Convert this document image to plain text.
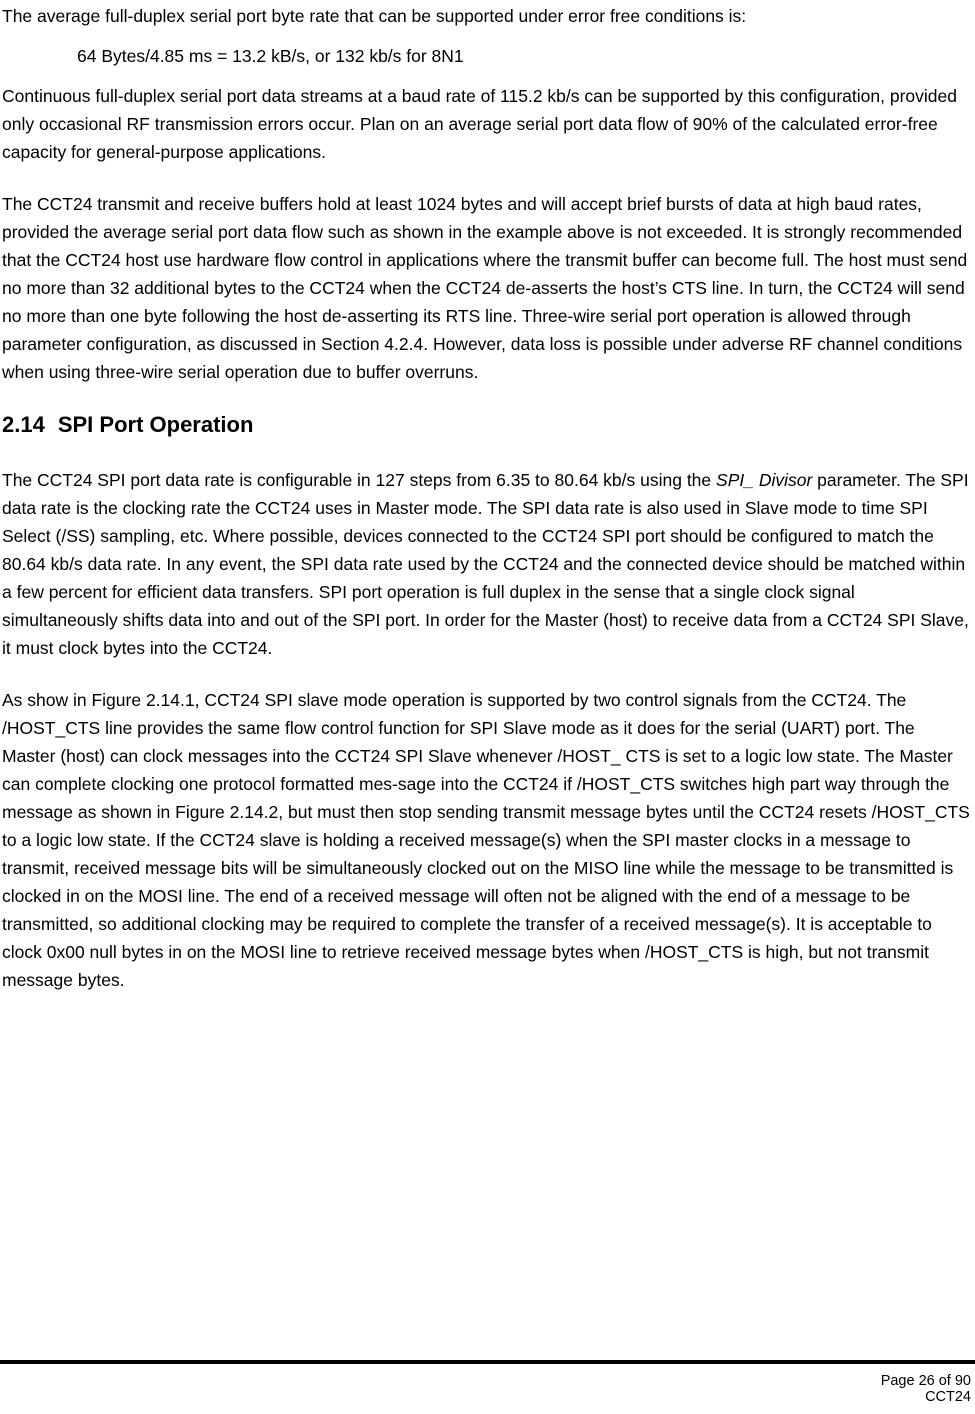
The average full-duplex serial port byte rate that can be supported under error free conditions is:

64 Bytes/4.85 ms = 13.2 kB/s, or 132 kb/s for 8N1

Continuous full-duplex serial port data streams at a baud rate of 115.2 kb/s can be supported by this configuration, provided only occasional RF transmission errors occur. Plan on an average serial port data flow of 90% of the calculated error-free capacity for general-purpose applications.

The CCT24 transmit and receive buffers hold at least 1024 bytes and will accept brief bursts of data at high baud rates, provided the average serial port data flow such as shown in the example above is not exceeded. It is strongly recommended that the CCT24 host use hardware flow control in applications where the transmit buffer can become full. The host must send no more than 32 additional bytes to the CCT24 when the CCT24 de-asserts the host’s CTS line. In turn, the CCT24 will send no more than one byte following the host de-asserting its RTS line. Three-wire serial port operation is allowed through parameter configuration, as discussed in Section 4.2.4. However, data loss is possible under adverse RF channel conditions when using three-wire serial operation due to buffer overruns.

2.14 SPI Port Operation

The CCT24 SPI port data rate is configurable in 127 steps from 6.35 to 80.64 kb/s using the SPI_ Divisor parameter. The SPI data rate is the clocking rate the CCT24 uses in Master mode. The SPI data rate is also used in Slave mode to time SPI Select (/SS) sampling, etc. Where possible, devices connected to the CCT24 SPI port should be configured to match the 80.64 kb/s data rate. In any event, the SPI data rate used by the CCT24 and the connected device should be matched within a few percent for efficient data transfers. SPI port operation is full duplex in the sense that a single clock signal simultaneously shifts data into and out of the SPI port. In order for the Master (host) to receive data from a CCT24 SPI Slave, it must clock bytes into the CCT24.

As show in Figure 2.14.1, CCT24 SPI slave mode operation is supported by two control signals from the CCT24. The /HOST_CTS line provides the same flow control function for SPI Slave mode as it does for the serial (UART) port. The Master (host) can clock messages into the CCT24 SPI Slave whenever /HOST_ CTS is set to a logic low state. The Master can complete clocking one protocol formatted mes-sage into the CCT24 if /HOST_CTS switches high part way through the message as shown in Figure 2.14.2, but must then stop sending transmit message bytes until the CCT24 resets /HOST_CTS to a logic low state. If the CCT24 slave is holding a received message(s) when the SPI master clocks in a message to transmit, received message bits will be simultaneously clocked out on the MISO line while the message to be transmitted is clocked in on the MOSI line. The end of a received message will often not be aligned with the end of a message to be transmitted, so additional clocking may be required to complete the transfer of a received message(s). It is acceptable to clock 0x00 null bytes in on the MOSI line to retrieve received message bytes when /HOST_CTS is high, but not transmit message bytes.

Page 26 of 90
CCT24
